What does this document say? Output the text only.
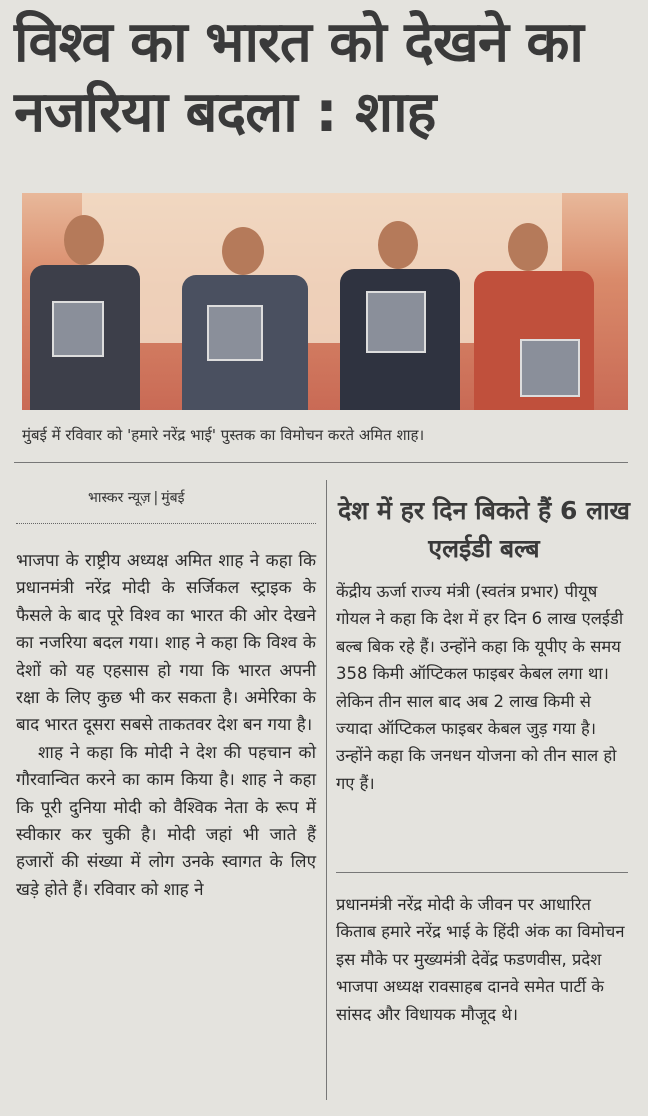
विश्व का भारत को देखने का नजरिया बदला : शाह

मुंबई में रविवार को 'हमारे नरेंद्र भाई' पुस्तक का विमोचन करते अमित शाह।

भास्कर न्यूज़ | मुंबई

भाजपा के राष्ट्रीय अध्यक्ष अमित शाह ने कहा कि प्रधानमंत्री नरेंद्र मोदी के सर्जिकल स्ट्राइक के फैसले के बाद पूरे विश्व का भारत की ओर देखने का नजरिया बदल गया। शाह ने कहा कि विश्व के देशों को यह एहसास हो गया कि भारत अपनी रक्षा के लिए कुछ भी कर सकता है। अमेरिका के बाद भारत दूसरा सबसे ताकतवर देश बन गया है।

शाह ने कहा कि मोदी ने देश की पहचान को गौरवान्वित करने का काम किया है। शाह ने कहा कि पूरी दुनिया मोदी को वैश्विक नेता के रूप में स्वीकार कर चुकी है। मोदी जहां भी जाते हैं हजारों की संख्या में लोग उनके स्वागत के लिए खड़े होते हैं। रविवार को शाह ने

देश में हर दिन बिकते हैं 6 लाख एलईडी बल्ब

केंद्रीय ऊर्जा राज्य मंत्री (स्वतंत्र प्रभार) पीयूष गोयल ने कहा कि देश में हर दिन 6 लाख एलईडी बल्ब बिक रहे हैं। उन्होंने कहा कि यूपीए के समय 358 किमी ऑप्टिकल फाइबर केबल लगा था। लेकिन तीन साल बाद अब 2 लाख किमी से ज्यादा ऑप्टिकल फाइबर केबल जुड़ गया है। उन्होंने कहा कि जनधन योजना को तीन साल हो गए हैं।

प्रधानमंत्री नरेंद्र मोदी के जीवन पर आधारित किताब हमारे नरेंद्र भाई के हिंदी अंक का विमोचन इस मौके पर मुख्यमंत्री देवेंद्र फडणवीस, प्रदेश भाजपा अध्यक्ष रावसाहब दानवे समेत पार्टी के सांसद और विधायक मौजूद थे।
